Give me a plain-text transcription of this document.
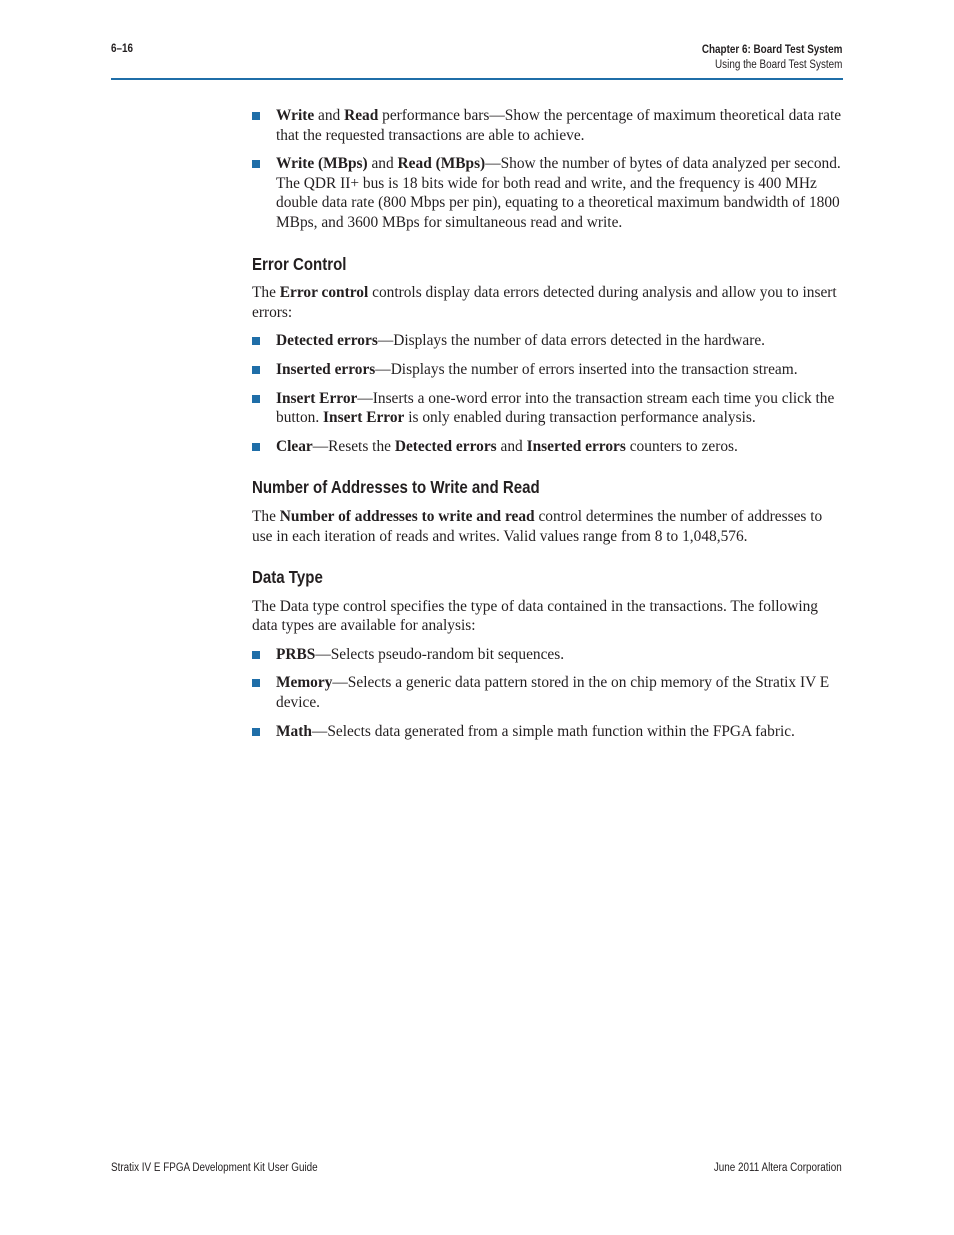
6–16	Chapter 6: Board Test System
Using the Board Test System
Write and Read performance bars—Show the percentage of maximum theoretical data rate that the requested transactions are able to achieve.
Write (MBps) and Read (MBps)—Show the number of bytes of data analyzed per second. The QDR II+ bus is 18 bits wide for both read and write, and the frequency is 400 MHz double data rate (800 Mbps per pin), equating to a theoretical maximum bandwidth of 1800 MBps, and 3600 MBps for simultaneous read and write.
Error Control

The Error control controls display data errors detected during analysis and allow you to insert errors:

Detected errors—Displays the number of data errors detected in the hardware.
Inserted errors—Displays the number of errors inserted into the transaction stream.
Insert Error—Inserts a one-word error into the transaction stream each time you click the button. Insert Error is only enabled during transaction performance analysis.
Clear—Resets the Detected errors and Inserted errors counters to zeros.
Number of Addresses to Write and Read

The Number of addresses to write and read control determines the number of addresses to use in each iteration of reads and writes. Valid values range from 8 to 1,048,576.

Data Type

The Data type control specifies the type of data contained in the transactions. The following data types are available for analysis:

PRBS—Selects pseudo-random bit sequences.
Memory—Selects a generic data pattern stored in the on chip memory of the Stratix IV E device.
Math—Selects data generated from a simple math function within the FPGA fabric.
Stratix IV E FPGA Development Kit User Guide	June 2011 Altera Corporation
